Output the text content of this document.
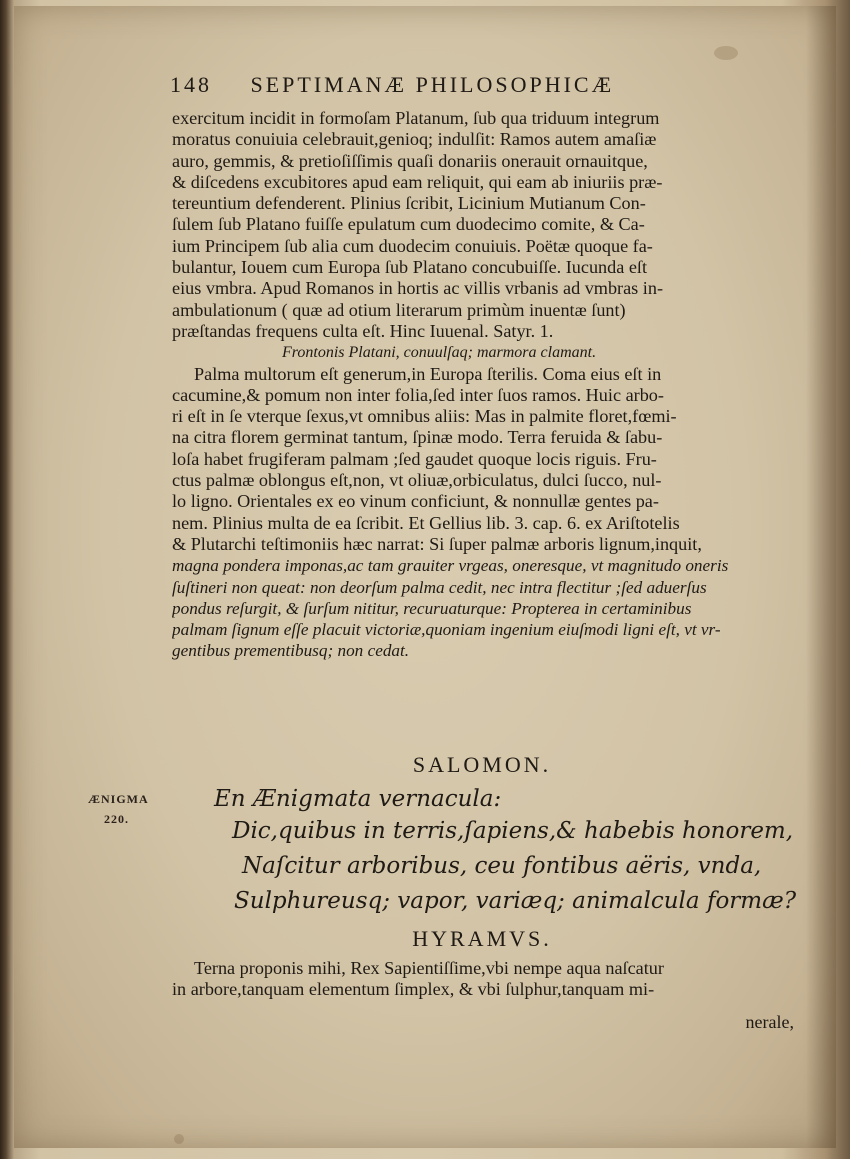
148 SEPTIMANÆ PHILOSOPHICÆ
exercitum incidit in formoſam Platanum, ſub qua triduum integrum
moratus conuiuia celebrauit,genioq; indulſit: Ramos autem amaſiæ
auro, gemmis, & pretioſiſſimis quaſi donariis onerauit ornauitque,
& diſcedens excubitores apud eam reliquit, qui eam ab iniuriis præ-
tereuntium defenderent. Plinius ſcribit, Licinium Mutianum Con-
ſulem ſub Platano fuiſſe epulatum cum duodecimo comite, & Ca-
ium Principem ſub alia cum duodecim conuiuis. Poëtæ quoque fa-
bulantur, Iouem cum Europa ſub Platano concubuiſſe. Iucunda eſt
eius vmbra. Apud Romanos in hortis ac villis vrbanis ad vmbras in-
ambulationum ( quæ ad otium literarum primùm inuentæ ſunt)
præſtandas frequens culta eſt. Hinc Iuuenal. Satyr. 1.
Frontonis Platani, conuulſaq; marmora clamant.
Palma multorum eſt generum,in Europa ſterilis. Coma eius eſt in
cacumine,& pomum non inter folia,ſed inter ſuos ramos. Huic arbo-
ri eſt in ſe vterque ſexus,vt omnibus aliis: Mas in palmite floret,fœmi-
na citra florem germinat tantum, ſpinæ modo. Terra feruida & ſabu-
loſa habet frugiferam palmam ;ſed gaudet quoque locis riguis. Fru-
ctus palmæ oblongus eſt,non, vt oliuæ,orbiculatus, dulci ſucco, nul-
lo ligno. Orientales ex eo vinum conficiunt, & nonnullæ gentes pa-
nem. Plinius multa de ea ſcribit. Et Gellius lib. 3. cap. 6. ex Ariſtotelis
& Plutarchi teſtimoniis hæc narrat: Si ſuper palmæ arboris lignum,inquit,
magna pondera imponas,ac tam grauiter vrgeas, oneresque, vt magnitudo oneris
ſuſtineri non queat: non deorſum palma cedit, nec intra flectitur ;ſed aduerſus
pondus reſurgit, & ſurſum nititur, recuruaturque: Propterea in certaminibus
palmam ſignum eſſe placuit victoriæ,quoniam ingenium eiuſmodi ligni eſt, vt vr-
gentibus prementibusq; non cedat.
SALOMON.
ÆNIGMA
220.
En Ænigmata vernacula:
Dic,quibus in terris,ſapiens,& habebis honorem,
Naſcitur arboribus, ceu fontibus aëris, vnda,
Sulphureusq; vapor, variæq; animalcula formæ?
HYRAMVS.
Terna proponis mihi, Rex Sapientiſſime,vbi nempe aqua naſcatur
in arbore,tanquam elementum ſimplex, & vbi ſulphur,tanquam mi-
nerale,
